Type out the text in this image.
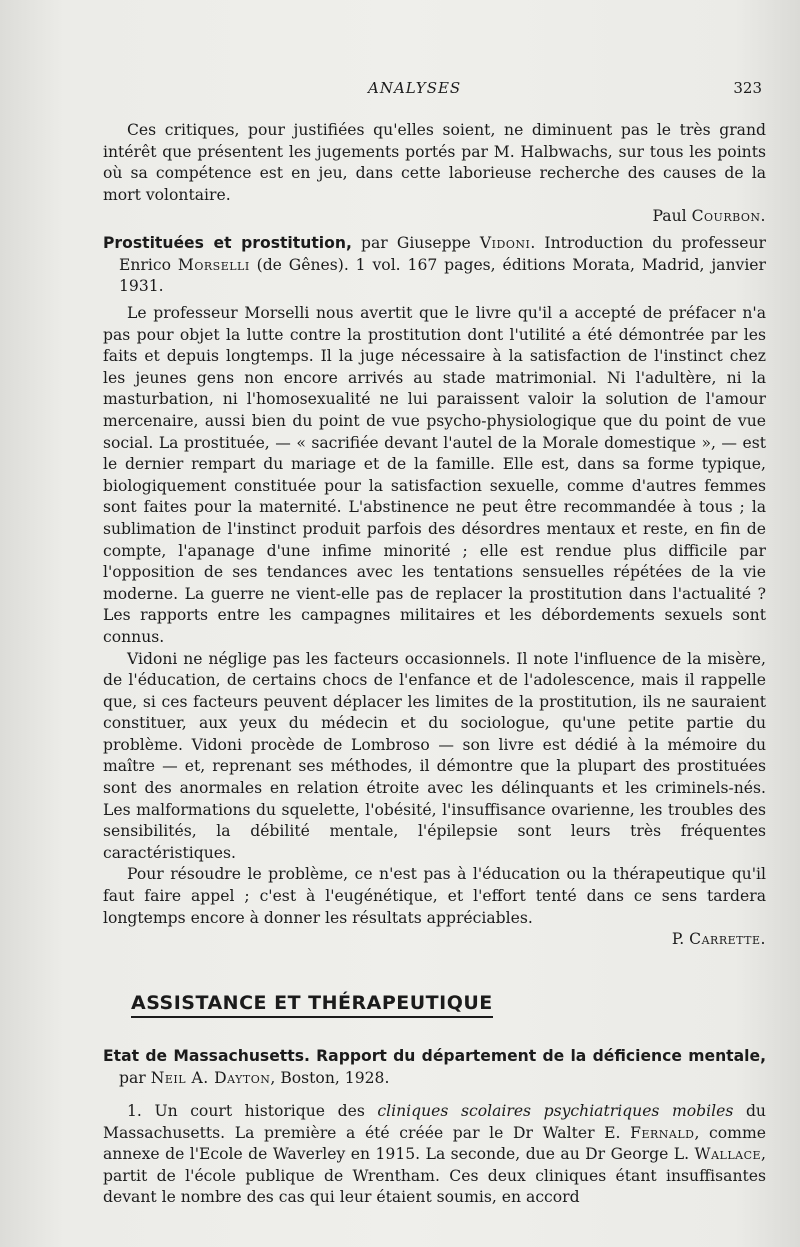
ANALYSES	323

Ces critiques, pour justifiées qu'elles soient, ne diminuent pas le très grand intérêt que présentent les jugements portés par M. Halbwachs, sur tous les points où sa compétence est en jeu, dans cette laborieuse recherche des causes de la mort volontaire.

Paul Courbon.
Prostituées et prostitution, par Giuseppe Vidoni. Introduction du professeur Enrico Morselli (de Gênes). 1 vol. 167 pages, éditions Morata, Madrid, janvier 1931.

Le professeur Morselli nous avertit que le livre qu'il a accepté de préfacer n'a pas pour objet la lutte contre la prostitution dont l'utilité a été démontrée par les faits et depuis longtemps. Il la juge nécessaire à la satisfaction de l'instinct chez les jeunes gens non encore arrivés au stade matrimonial. Ni l'adultère, ni la masturbation, ni l'homosexualité ne lui paraissent valoir la solution de l'amour mercenaire, aussi bien du point de vue psycho-physiologique que du point de vue social. La prostituée, — « sacrifiée devant l'autel de la Morale domestique », — est le dernier rempart du mariage et de la famille. Elle est, dans sa forme typique, biologiquement constituée pour la satisfaction sexuelle, comme d'autres femmes sont faites pour la maternité. L'abstinence ne peut être recommandée à tous ; la sublimation de l'instinct produit parfois des désordres mentaux et reste, en fin de compte, l'apanage d'une infime minorité ; elle est rendue plus difficile par l'opposition de ses tendances avec les tentations sensuelles répétées de la vie moderne. La guerre ne vient-elle pas de replacer la prostitution dans l'actualité ? Les rapports entre les campagnes militaires et les débordements sexuels sont connus.

Vidoni ne néglige pas les facteurs occasionnels. Il note l'influence de la misère, de l'éducation, de certains chocs de l'enfance et de l'adolescence, mais il rappelle que, si ces facteurs peuvent déplacer les limites de la prostitution, ils ne sauraient constituer, aux yeux du médecin et du sociologue, qu'une petite partie du problème. Vidoni procède de Lombroso — son livre est dédié à la mémoire du maître — et, reprenant ses méthodes, il démontre que la plupart des prostituées sont des anormales en relation étroite avec les délinquants et les criminels-nés. Les malformations du squelette, l'obésité, l'insuffisance ovarienne, les troubles des sensibilités, la débilité mentale, l'épilepsie sont leurs très fréquentes caractéristiques.

Pour résoudre le problème, ce n'est pas à l'éducation ou la thérapeutique qu'il faut faire appel ; c'est à l'eugénétique, et l'effort tenté dans ce sens tardera longtemps encore à donner les résultats appréciables.

P. Carrette.
ASSISTANCE ET THÉRAPEUTIQUE
Etat de Massachusetts. Rapport du département de la déficience mentale, par Neil A. Dayton, Boston, 1928.

1. Un court historique des cliniques scolaires psychiatriques mobiles du Massachusetts. La première a été créée par le Dr Walter E. Fernald, comme annexe de l'Ecole de Waverley en 1915. La seconde, due au Dr George L. Wallace, partit de l'école publique de Wrentham. Ces deux cliniques étant insuffisantes devant le nombre des cas qui leur étaient soumis, en accord
